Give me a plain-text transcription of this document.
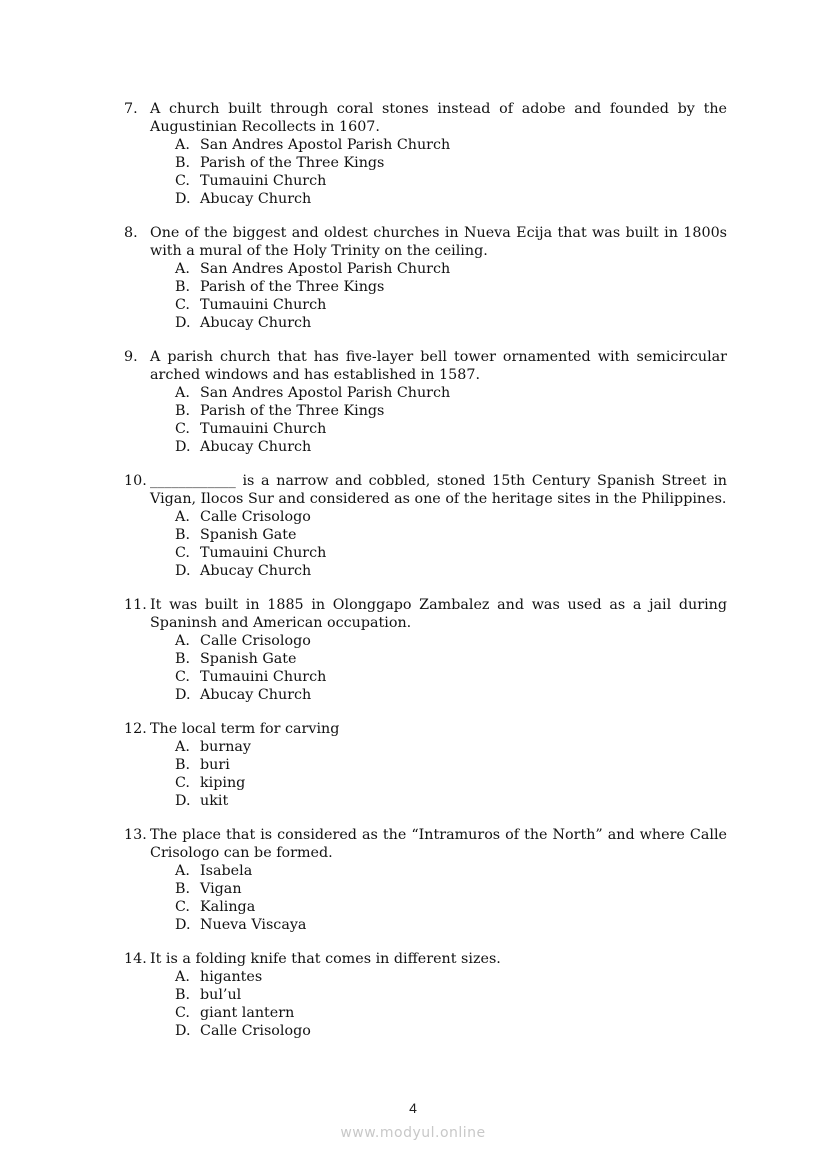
7. A church built through coral stones instead of adobe and founded by the Augustinian Recollects in 1607.
A. San Andres Apostol Parish Church
B. Parish of the Three Kings
C. Tumauini Church
D. Abucay Church
8. One of the biggest and oldest churches in Nueva Ecija that was built in 1800s with a mural of the Holy Trinity on the ceiling.
A. San Andres Apostol Parish Church
B. Parish of the Three Kings
C. Tumauini Church
D. Abucay Church
9. A parish church that has five-layer bell tower ornamented with semicircular arched windows and has established in 1587.
A. San Andres Apostol Parish Church
B. Parish of the Three Kings
C. Tumauini Church
D. Abucay Church
10. ____________ is a narrow and cobbled, stoned 15th Century Spanish Street in Vigan, Ilocos Sur and considered as one of the heritage sites in the Philippines.
A. Calle Crisologo
B. Spanish Gate
C. Tumauini Church
D. Abucay Church
11. It was built in 1885 in Olonggapo Zambalez and was used as a jail during Spaninsh and American occupation.
A. Calle Crisologo
B. Spanish Gate
C. Tumauini Church
D. Abucay Church
12. The local term for carving
A. burnay
B. buri
C. kiping
D. ukit
13. The place that is considered as the “Intramuros of the North” and where Calle Crisologo can be formed.
A. Isabela
B. Vigan
C. Kalinga
D. Nueva Viscaya
14. It is a folding knife that comes in different sizes.
A. higantes
B. bul’ul
C. giant lantern
D. Calle Crisologo
4
www.modyul.online
